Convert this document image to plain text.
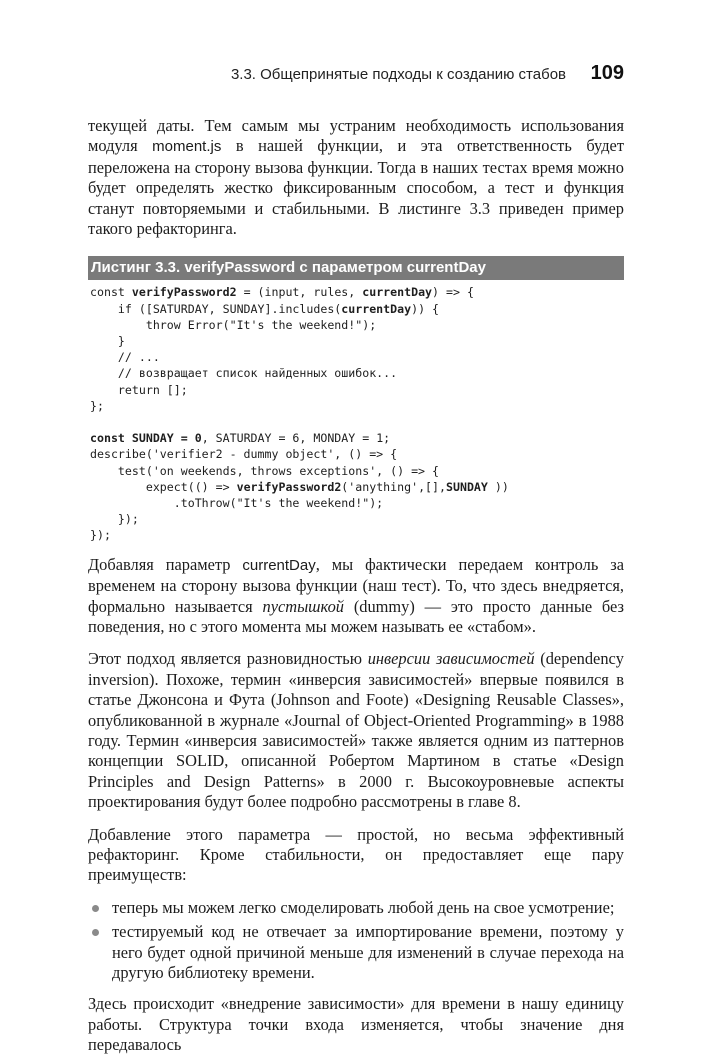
3.3. Общепринятые подходы к созданию стабов 109

текущей даты. Тем самым мы устраним необходимость использования модуля moment.js в нашей функции, и эта ответственность будет переложена на сторону вызова функции. Тогда в наших тестах время можно будет определять жестко фиксированным способом, а тест и функция станут повторяемыми и стабильными. В листинге 3.3 приведен пример такого рефакторинга.

Листинг 3.3. verifyPassword с параметром currentDay
const verifyPassword2 = (input, rules, currentDay) => {
if ([SATURDAY, SUNDAY].includes(currentDay)) {
throw Error("It's the weekend!");
}
// ...
// возвращает список найденных ошибок...
return [];
};

const SUNDAY = 0, SATURDAY = 6, MONDAY = 1;
describe('verifier2 - dummy object', () => {
test('on weekends, throws exceptions', () => {
expect(() => verifyPassword2('anything',[],SUNDAY ))
.toThrow("It's the weekend!");
});
});

Добавляя параметр currentDay, мы фактически передаем контроль за временем на сторону вызова функции (наш тест). То, что здесь внедряется, формально называется пустышкой (dummy) — это просто данные без поведения, но с этого момента мы можем называть ее «стабом».

Этот подход является разновидностью инверсии зависимостей (dependency inversion). Похоже, термин «инверсия зависимостей» впервые появился в статье Джонсона и Фута (Johnson and Foote) «Designing Reusable Classes», опубликованной в журнале «Journal of Object-Oriented Programming» в 1988 году. Термин «инверсия зависимостей» также является одним из паттернов концепции SOLID, описанной Робертом Мартином в статье «Design Principles and Design Patterns» в 2000 г. Высокоуровневые аспекты проектирования будут более подробно рассмотрены в главе 8.

Добавление этого параметра — простой, но весьма эффективный рефакторинг. Кроме стабильности, он предоставляет еще пару преимуществ:

теперь мы можем легко смоделировать любой день на свое усмотрение;
тестируемый код не отвечает за импортирование времени, поэтому у него будет одной причиной меньше для изменений в случае перехода на другую библиотеку времени.

Здесь происходит «внедрение зависимости» для времени в нашу единицу работы. Структура точки входа изменяется, чтобы значение дня передавалось
